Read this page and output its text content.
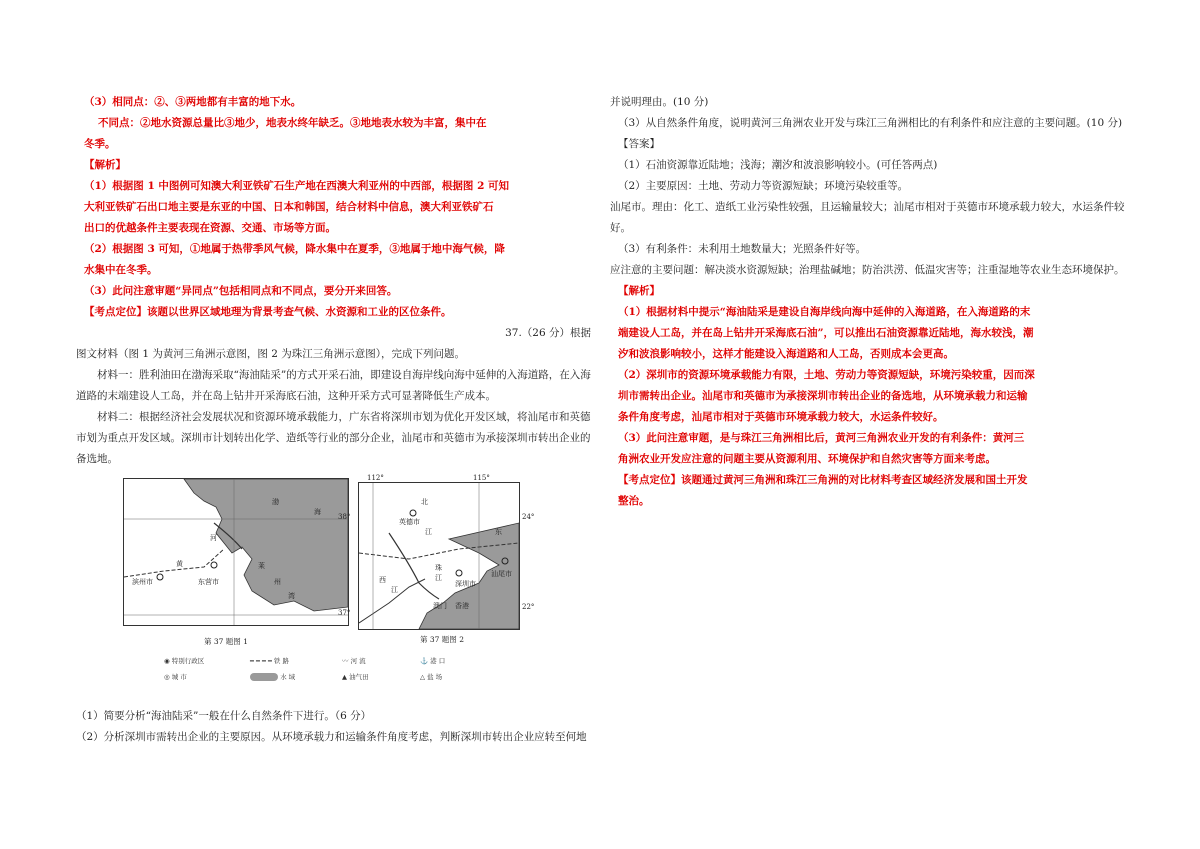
（3）相同点：②、③两地都有丰富的地下水。
不同点：②地水资源总量比③地少，地表水终年缺乏。③地地表水较为丰富，集中在
冬季。
【解析】
（1）根据图 1 中图例可知澳大利亚铁矿石生产地在西澳大利亚州的中西部，根据图 2 可知
大利亚铁矿石出口地主要是东亚的中国、日本和韩国，结合材料中信息，澳大利亚铁矿石
出口的优越条件主要表现在资源、交通、市场等方面。
（2）根据图 3 可知，①地属于热带季风气候，降水集中在夏季，③地属于地中海气候，降
水集中在冬季。
（3）此问注意审题“异同点”包括相同点和不同点，要分开来回答。
【考点定位】该题以世界区域地理为背景考查气候、水资源和工业的区位条件。
37.（26 分）根据
图文材料（图 1 为黄河三角洲示意图，图 2 为珠江三角洲示意图），完成下列问题。

材料一：胜利油田在渤海采取“海油陆采”的方式开采石油，即建设自海岸线向海中延伸的入海道路，在入海道路的末端建设人工岛，并在岛上钻井开采海底石油，这种开采方式可显著降低生产成本。

材料二：根据经济社会发展状况和资源环境承载能力，广东省将深圳市划为优化开发区域，将汕尾市和英德市划为重点开发区域。深圳市计划转出化学、造纸等行业的部分企业，汕尾市和英德市为承接深圳市转出企业的备选地。

渤
海
莱
州
湾
黄
河
东营市
滨州市
38°
37°
112°	115°
英德市
北
江	东
西
江
珠
江
深圳市
汕尾市
澳门 香港
24°
22°
第 37 题图 1	第 37 题图 2
◉ 特别行政区
◎ 城 市
━ ━ ━ ━ 铁 路
水 域
〰 河 流
▲ 油气田
⚓ 港 口
△ 盐 场
（1）简要分析“海油陆采”一般在什么自然条件下进行。（6 分）
（2）分析深圳市需转出企业的主要原因。从环境承载力和运输条件角度考虑，判断深圳市转出企业应转至何地
并说明理由。(10 分)
（3）从自然条件角度，说明黄河三角洲农业开发与珠江三角洲相比的有利条件和应注意的主要问题。(10 分)
【答案】
（1）石油资源靠近陆地；浅海；潮汐和波浪影响较小。(可任答两点)
（2）主要原因：土地、劳动力等资源短缺；环境污染较重等。

汕尾市。理由：化工、造纸工业污染性较强，且运输量较大；汕尾市相对于英德市环境承载力较大，水运条件较好。

（3）有利条件：未利用土地数量大；光照条件好等。
应注意的主要问题：解决淡水资源短缺；治理盐碱地；防治洪涝、低温灾害等；注重湿地等农业生态环境保护。
【解析】
（1）根据材料中提示“海油陆采是建设自海岸线向海中延伸的入海道路，在入海道路的末
端建设人工岛，并在岛上钻井开采海底石油”，可以推出石油资源靠近陆地，海水较浅，潮
汐和波浪影响较小，这样才能建设入海道路和人工岛，否则成本会更高。
（2）深圳市的资源环境承载能力有限，土地、劳动力等资源短缺，环境污染较重，因而深
圳市需转出企业。汕尾市和英德市为承接深圳市转出企业的备选地，从环境承载力和运输
条件角度考虑，汕尾市相对于英德市环境承载力较大，水运条件较好。
（3）此问注意审题，是与珠江三角洲相比后，黄河三角洲农业开发的有利条件：黄河三
角洲农业开发应注意的问题主要从资源利用、环境保护和自然灾害等方面来考虑。
【考点定位】该题通过黄河三角洲和珠江三角洲的对比材料考查区域经济发展和国土开发
整治。
